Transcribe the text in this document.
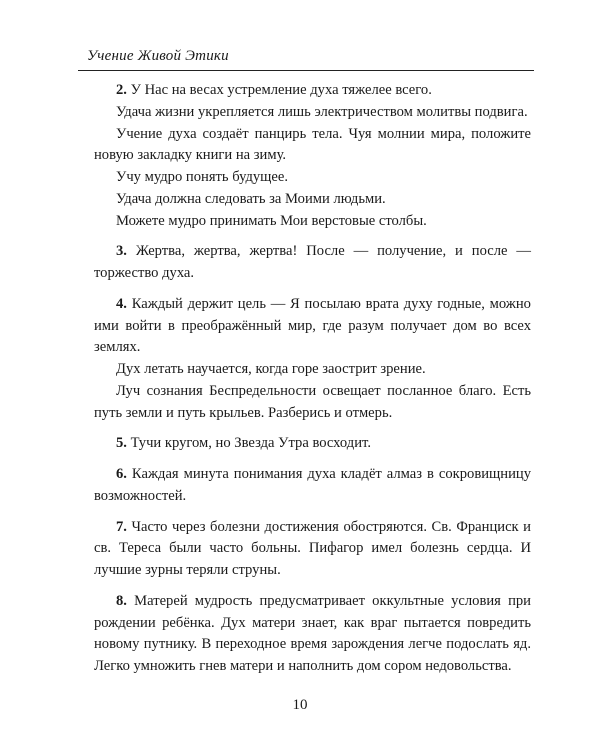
Учение Живой Этики

2. У Нас на весах устремление духа тяжелее всего.

Удача жизни укрепляется лишь электричеством молитвы подвига.

Учение духа создаёт панцирь тела. Чуя молнии мира, положите новую закладку книги на зиму.

Учу мудро понять будущее.

Удача должна следовать за Моими людьми.

Можете мудро принимать Мои верстовые столбы.

3. Жертва, жертва, жертва! После — получение, и после — торжество духа.

4. Каждый держит цель — Я посылаю врата духу годные, можно ими войти в преображённый мир, где разум получает дом во всех землях.

Дух летать научается, когда горе заострит зрение.

Луч сознания Беспредельности освещает посланное благо. Есть путь земли и путь крыльев. Разберись и отмерь.

5. Тучи кругом, но Звезда Утра восходит.

6. Каждая минута понимания духа кладёт алмаз в сокровищницу возможностей.

7. Часто через болезни достижения обостряются. Св. Франциск и св. Тереса были часто больны. Пифагор имел болезнь сердца. И лучшие зурны теряли струны.

8. Матерей мудрость предусматривает оккультные условия при рождении ребёнка. Дух матери знает, как враг пытается повредить новому путнику. В переходное время зарождения легче подослать яд. Легко умножить гнев матери и наполнить дом сором недовольства.

10
